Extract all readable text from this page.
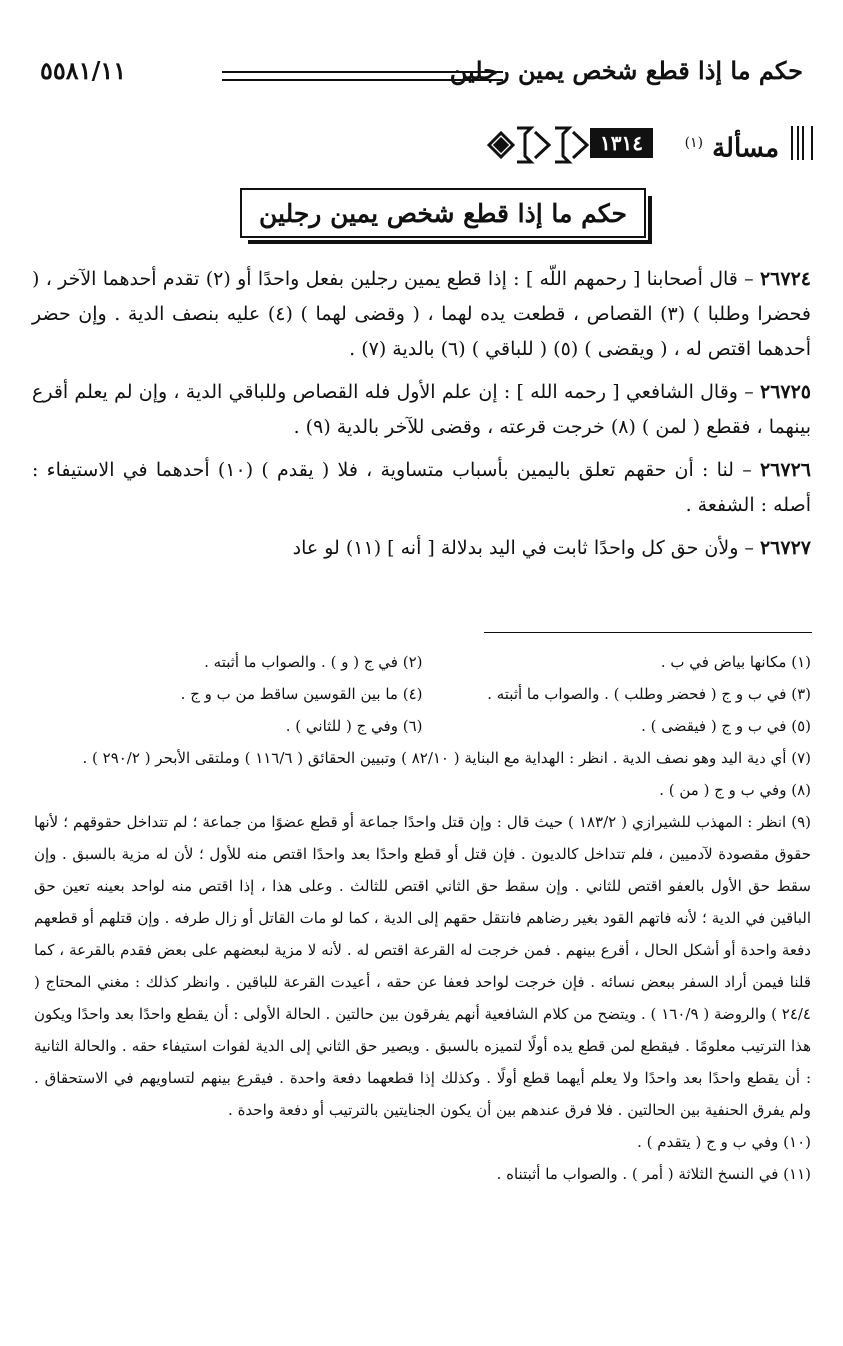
حكم ما إذا قطع شخص يمين رجلين
٥٥٨١/١١
مسألة $^{(١)}$
١٣١٤
حكم ما إذا قطع شخص يمين رجلين

٢٦٧٢٤ – قال أصحابنا [ رحمهم اللّه ] : إذا قطع يمين رجلين بفعل واحدًا أو (٢) تقدم أحدهما الآخر ، ( فحضرا وطلبا ) (٣) القصاص ، قطعت يده لهما ، ( وقضى لهما ) (٤) عليه بنصف الدية . وإن حضر أحدهما اقتص له ، ( ويقضى ) (٥) ( للباقي ) (٦) بالدية (٧) .

٢٦٧٢٥ – وقال الشافعي [ رحمه الله ] : إن علم الأول فله القصاص وللباقي الدية ، وإن لم يعلم أقرع بينهما ، فقطع ( لمن ) (٨) خرجت قرعته ، وقضى للآخر بالدية (٩) .

٢٦٧٢٦ – لنا : أن حقهم تعلق باليمين بأسباب متساوية ، فلا ( يقدم ) (١٠) أحدهما في الاستيفاء : أصله : الشفعة .

٢٦٧٢٧ – ولأن حق كل واحدًا ثابت في اليد بدلالة [ أنه ] (١١) لو عاد

(١) مكانها بياض في ب .
(٢) في ج ( و ) . والصواب ما أثبته .
(٣) في ب و ج ( فحضر وطلب ) . والصواب ما أثبته .
(٤) ما بين القوسين ساقط من ب و ج .
(٥) في ب و ج ( فيقضى ) .
(٦) وفي ج ( للثاني ) .
(٧) أي دية اليد وهو نصف الدية . انظر : الهداية مع البناية ( ٨٢/١٠ ) وتبيين الحقائق ( ١١٦/٦ ) وملتقى الأبحر ( ٢٩٠/٢ ) .
(٨) وفي ب و ج ( من ) .
(٩) انظر : المهذب للشيرازي ( ١٨٣/٢ ) حيث قال : وإن قتل واحدًا جماعة أو قطع عضوًا من جماعة ؛ لم تتداخل حقوقهم ؛ لأنها حقوق مقصودة لآدميين ، فلم تتداخل كالديون . فإن قتل أو قطع واحدًا بعد واحدًا اقتص منه للأول ؛ لأن له مزية بالسبق . وإن سقط حق الأول بالعفو اقتص للثاني . وإن سقط حق الثاني اقتص للثالث . وعلى هذا ، إذا اقتص منه لواحد بعينه تعين حق الباقين في الدية ؛ لأنه فاتهم القود بغير رضاهم فانتقل حقهم إلى الدية ، كما لو مات القاتل أو زال طرفه . وإن قتلهم أو قطعهم دفعة واحدة أو أشكل الحال ، أقرع بينهم . فمن خرجت له القرعة اقتص له . لأنه لا مزية لبعضهم على بعض فقدم بالقرعة ، كما قلنا فيمن أراد السفر ببعض نسائه . فإن خرجت لواحد فعفا عن حقه ، أعيدت القرعة للباقين . وانظر كذلك : مغني المحتاج ( ٢٤/٤ ) والروضة ( ١٦٠/٩ ) . ويتضح من كلام الشافعية أنهم يفرقون بين حالتين . الحالة الأولى : أن يقطع واحدًا بعد واحدًا ويكون هذا الترتيب معلومًا . فيقطع لمن قطع يده أولًا لتميزه بالسبق . ويصير حق الثاني إلى الدية لفوات استيفاء حقه . والحالة الثانية : أن يقطع واحدًا بعد واحدًا ولا يعلم أيهما قطع أولًا . وكذلك إذا قطعهما دفعة واحدة . فيقرع بينهم لتساويهم في الاستحقاق . ولم يفرق الحنفية بين الحالتين . فلا فرق عندهم بين أن يكون الجنايتين بالترتيب أو دفعة واحدة .
(١٠) وفي ب و ج ( يتقدم ) .
(١١) في النسخ الثلاثة ( أمر ) . والصواب ما أثبتناه .
